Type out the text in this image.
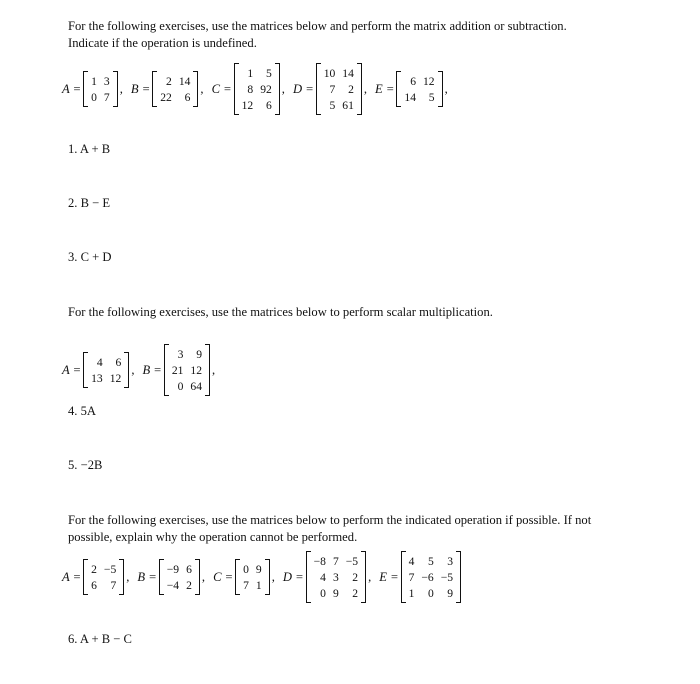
For the following exercises, use the matrices below and perform the matrix addition or subtraction.
Indicate if the operation is undefined.
A =
1 3
0 7
, B =
2 14
22	6
, C =
1	5
8 92
12	6
, D =
10 14
7	2
5 61
, E =
6 12
14	5
,
1. A + B
2. B − E
3. C + D
For the following exercises, use the matrices below to perform scalar multiplication.
A =
4	6
13 12
, B =
3	9
21 12
0 64
,
4. 5A
5. −2B
For the following exercises, use the matrices below to perform the indicated operation if possible. If not
possible, explain why the operation cannot be performed.
A =
2 −5
6	7
, B =
−9 6
−4 2
, C =
0 9
7 1
, D =
−8 7 −5
4 3	2
0 9	2
, E =
4	5	3
7 −6 −5
1	0	9
6. A + B − C
